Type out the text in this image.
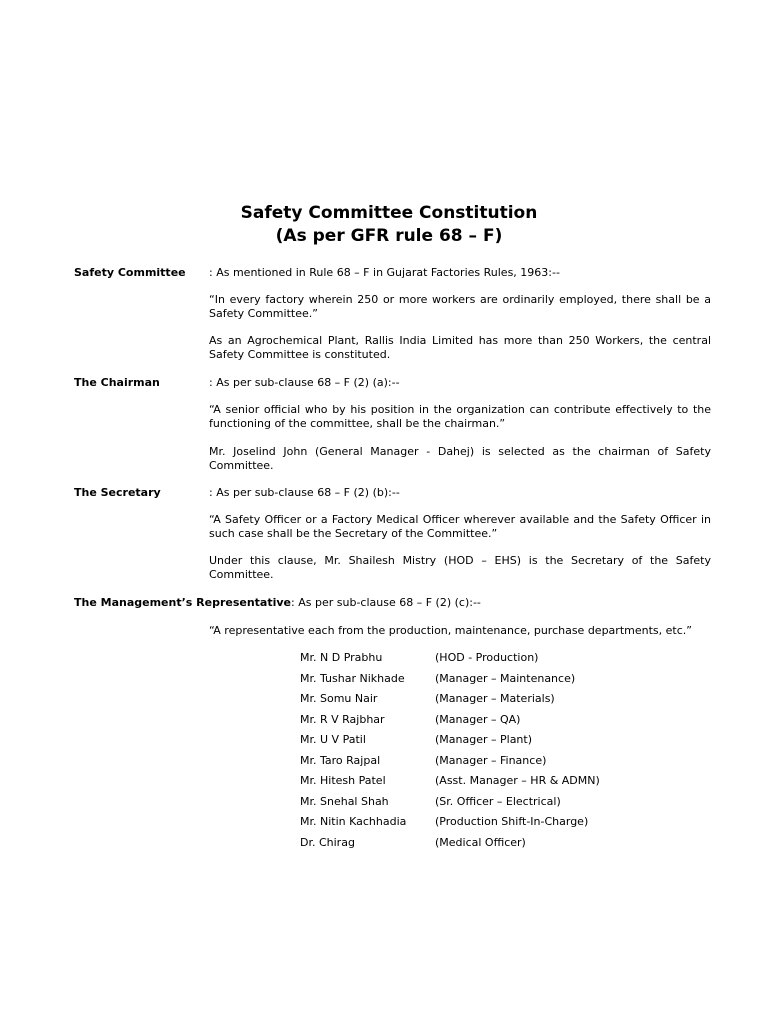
Safety Committee Constitution
(As per GFR rule 68 – F)
Safety Committee : As mentioned in Rule 68 – F in Gujarat Factories Rules, 1963:--
“In every factory wherein 250 or more workers are ordinarily employed, there shall be a Safety Committee.”
As an Agrochemical Plant, Rallis India Limited has more than 250 Workers, the central Safety Committee is constituted.
The Chairman	: As per sub-clause 68 – F (2) (a):--
“A senior official who by his position in the organization can contribute effectively to the functioning of the committee, shall be the chairman.”
Mr. Joselind John (General Manager - Dahej) is selected as the chairman of Safety Committee.
The Secretary	: As per sub-clause 68 – F (2) (b):--
“A Safety Officer or a Factory Medical Officer wherever available and the Safety Officer in such case shall be the Secretary of the Committee.”
Under this clause, Mr. Shailesh Mistry (HOD – EHS) is the Secretary of the Safety Committee.
The Management’s Representative: As per sub-clause 68 – F (2) (c):--
“A representative each from the production, maintenance, purchase departments, etc.”
Mr. N D Prabhu	(HOD - Production)
Mr. Tushar Nikhade	(Manager – Maintenance)
Mr. Somu Nair	(Manager – Materials)
Mr. R V Rajbhar	(Manager – QA)
Mr. U V Patil	(Manager – Plant)
Mr. Taro Rajpal	(Manager – Finance)
Mr. Hitesh Patel	(Asst. Manager – HR & ADMN)
Mr. Snehal Shah	(Sr. Officer – Electrical)
Mr. Nitin Kachhadia	(Production Shift-In-Charge)
Dr. Chirag	(Medical Officer)
